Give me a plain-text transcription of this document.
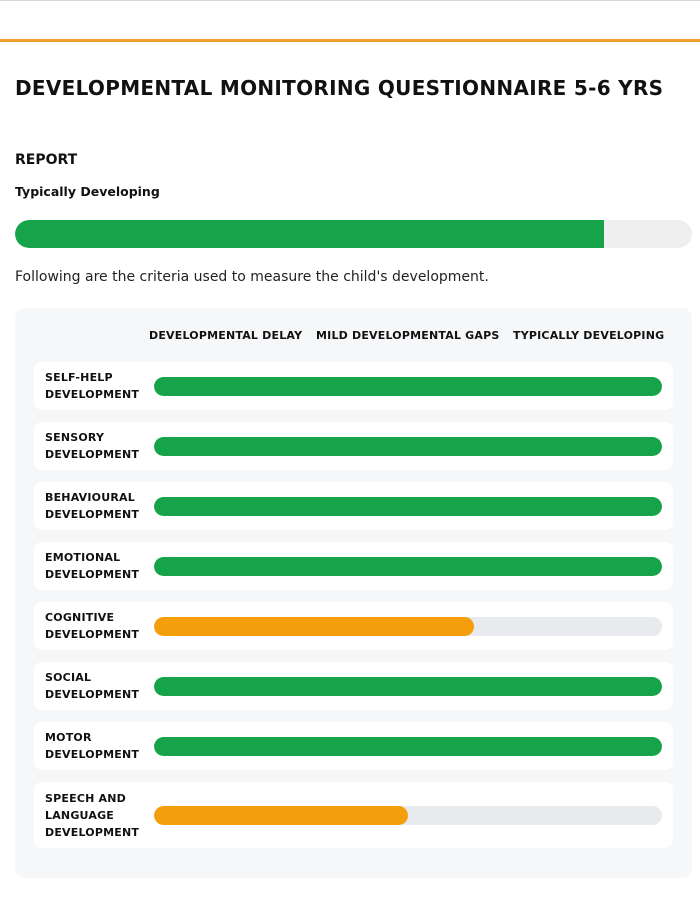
DEVELOPMENTAL MONITORING QUESTIONNAIRE 5-6 YRS
REPORT
Typically Developing

Following are the criteria used to measure the child's development.

DEVELOPMENTAL DELAY MILD DEVELOPMENTAL GAPS TYPICALLY DEVELOPING
SELF-HELP
DEVELOPMENT
SENSORY
DEVELOPMENT
BEHAVIOURAL
DEVELOPMENT
EMOTIONAL
DEVELOPMENT
COGNITIVE
DEVELOPMENT
SOCIAL
DEVELOPMENT
MOTOR
DEVELOPMENT
SPEECH AND
LANGUAGE
DEVELOPMENT
